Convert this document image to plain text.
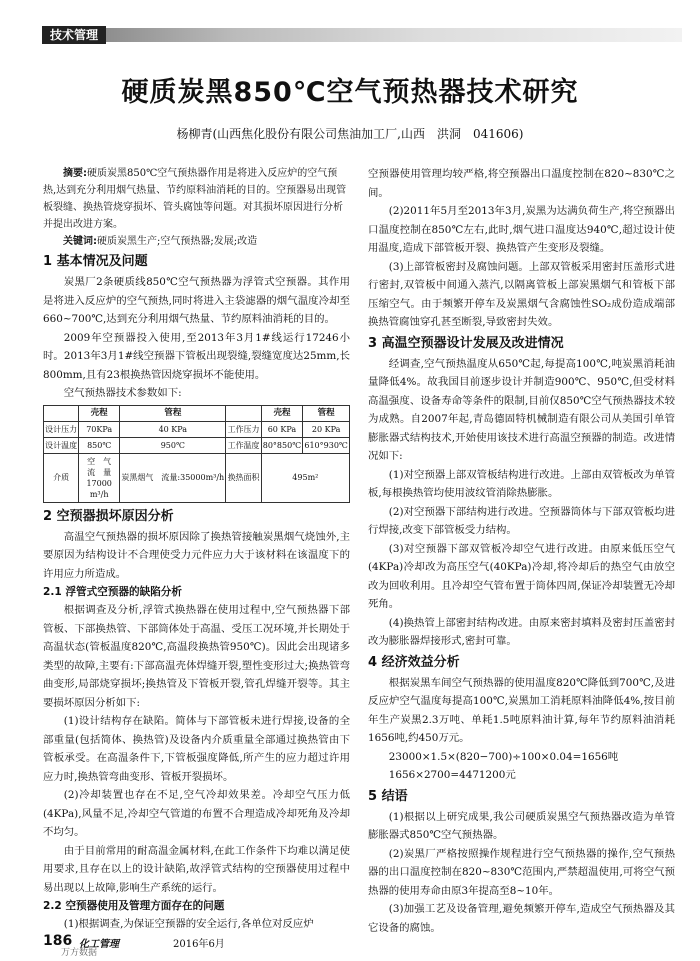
技术管理
硬质炭黑850℃空气预热器技术研究
杨柳青(山西焦化股份有限公司焦油加工厂,山西　洪洞　041606)

摘要:硬质炭黑850℃空气预热器作用是将进入反应炉的空气预热,达到充分利用烟气热量、节约原料油消耗的目的。空预器易出现管板裂缝、换热管烧穿损坏、管头腐蚀等问题。对其损坏原因进行分析并提出改进方案。

关键词:硬质炭黑生产;空气预热器;发展;改造

1 基本情况及问题

炭黑厂2条硬质线850℃空气预热器为浮管式空预器。其作用是将进入反应炉的空气预热,同时将进入主袋滤器的烟气温度冷却至660~700℃,达到充分利用烟气热量、节约原料油消耗的目的。

2009年空预器投入使用,至2013年3月1#线运行17246小时。2013年3月1#线空预器下管板出现裂缝,裂缝宽度达25mm,长800mm,且有23根换热管因烧穿损坏不能使用。

空气预热器技术参数如下:

	壳程	管程		壳程	管程
设计压力	70KPa	40 KPa	工作压力	60 KPa	20 KPa
设计温度	850℃	950℃	工作温度	80°850℃	610°930℃
介质	空　气　流　量　17000 m³/h	炭黑烟气　流量:35000m³/h	换热面积	495m²	
2 空预器损坏原因分析

高温空气预热器的损坏原因除了换热管接触炭黑烟气烧蚀外,主要原因为结构设计不合理使受力元件应力大于该材料在该温度下的许用应力所造成。

2.1 浮管式空预器的缺陷分析

根据调查及分析,浮管式换热器在使用过程中,空气预热器下部管板、下部换热管、下部筒体处于高温、受压工况环境,并长期处于高温状态(管板温度820℃,高温段换热管950℃)。因此会出现诸多类型的故障,主要有:下部高温壳体焊缝开裂,塑性变形过大;换热管弯曲变形,局部烧穿损坏;换热管及下管板开裂,管孔焊缝开裂等。其主要损坏原因分析如下:

(1)设计结构存在缺陷。简体与下部管板未进行焊接,设备的全部重量(包括简体、换热管)及设备内介质重量全部通过换热管由下管板承受。在高温条件下,下管板强度降低,所产生的应力超过许用应力时,换热管弯曲变形、管板开裂损坏。

(2)冷却装置也存在不足,空气冷却效果差。冷却空气压力低(4KPa),风量不足,冷却空气管道的布置不合理造成冷却死角及冷却不均匀。

由于目前常用的耐高温金属材料,在此工作条件下均难以满足使用要求,且存在以上的设计缺陷,故浮管式结构的空预器使用过程中易出现以上故障,影响生产系统的运行。

2.2 空预器使用及管理方面存在的问题

(1)根据调查,为保证空预器的安全运行,各单位对反应炉

空预器使用管理均较严格,将空预器出口温度控制在820~830℃之间。

(2)2011年5月至2013年3月,炭黑为达满负荷生产,将空预器出口温度控制在850℃左右,此时,烟气进口温度达940℃,超过设计使用温度,造成下部管板开裂、换热管产生变形及裂缝。

(3)上部管板密封及腐蚀问题。上部双管板采用密封压盖形式进行密封,双管板中间通入蒸汽,以隔离管板上部炭黑烟气和管板下部压缩空气。由于频繁开停车及炭黑烟气含腐蚀性SO₂成份造成端部换热管腐蚀穿孔甚至断裂,导致密封失效。

3 高温空预器设计发展及改进情况

经调查,空气预热温度从650℃起,每提高100℃,吨炭黑消耗油量降低4%。故我国目前逐步设计并制造900℃、950℃,但受材料高温强度、设备寿命等条件的限制,目前仅850℃空气预热器技术较为成熟。自2007年起,青岛德固特机械制造有限公司从美国引单管膨胀器式结构技术,开始使用该技术进行高温空预器的制造。改进情况如下:

(1)对空预器上部双管板结构进行改进。上部由双管板改为单管板,每根换热管均使用波纹管消除热膨胀。

(2)对空预器下部结构进行改进。空预器筒体与下部双管板均进行焊接,改变下部管板受力结构。

(3)对空预器下部双管板冷却空气进行改进。由原来低压空气(4KPa)冷却改为高压空气(40KPa)冷却,将冷却后的热空气由放空改为回收利用。且冷却空气管布置于筒体四周,保证冷却装置无冷却死角。

(4)换热管上部密封结构改进。由原来密封填料及密封压盖密封改为膨胀器焊接形式,密封可靠。

4 经济效益分析

根据炭黑车间空气预热器的使用温度820℃降低到700℃,及进反应炉空气温度每提高100℃,炭黑加工消耗原料油降低4%,按目前年生产炭黑2.3万吨、单耗1.5吨原料油计算,每年节约原料油消耗1656吨,约450万元。

23000×1.5×(820−700)÷100×0.04=1656吨

1656×2700=4471200元

5 结语

(1)根据以上研究成果,我公司硬质炭黑空气预热器改造为单管膨胀器式850℃空气预热器。

(2)炭黑厂严格按照操作规程进行空气预热器的操作,空气预热器的出口温度控制在820~830℃范围内,严禁超温使用,可将空气预热器的使用寿命由原3年提高至8~10年。

(3)加强工艺及设备管理,避免频繁开停车,造成空气预热器及其它设备的腐蚀。

186 化工管理	2016年6月
万方数据
